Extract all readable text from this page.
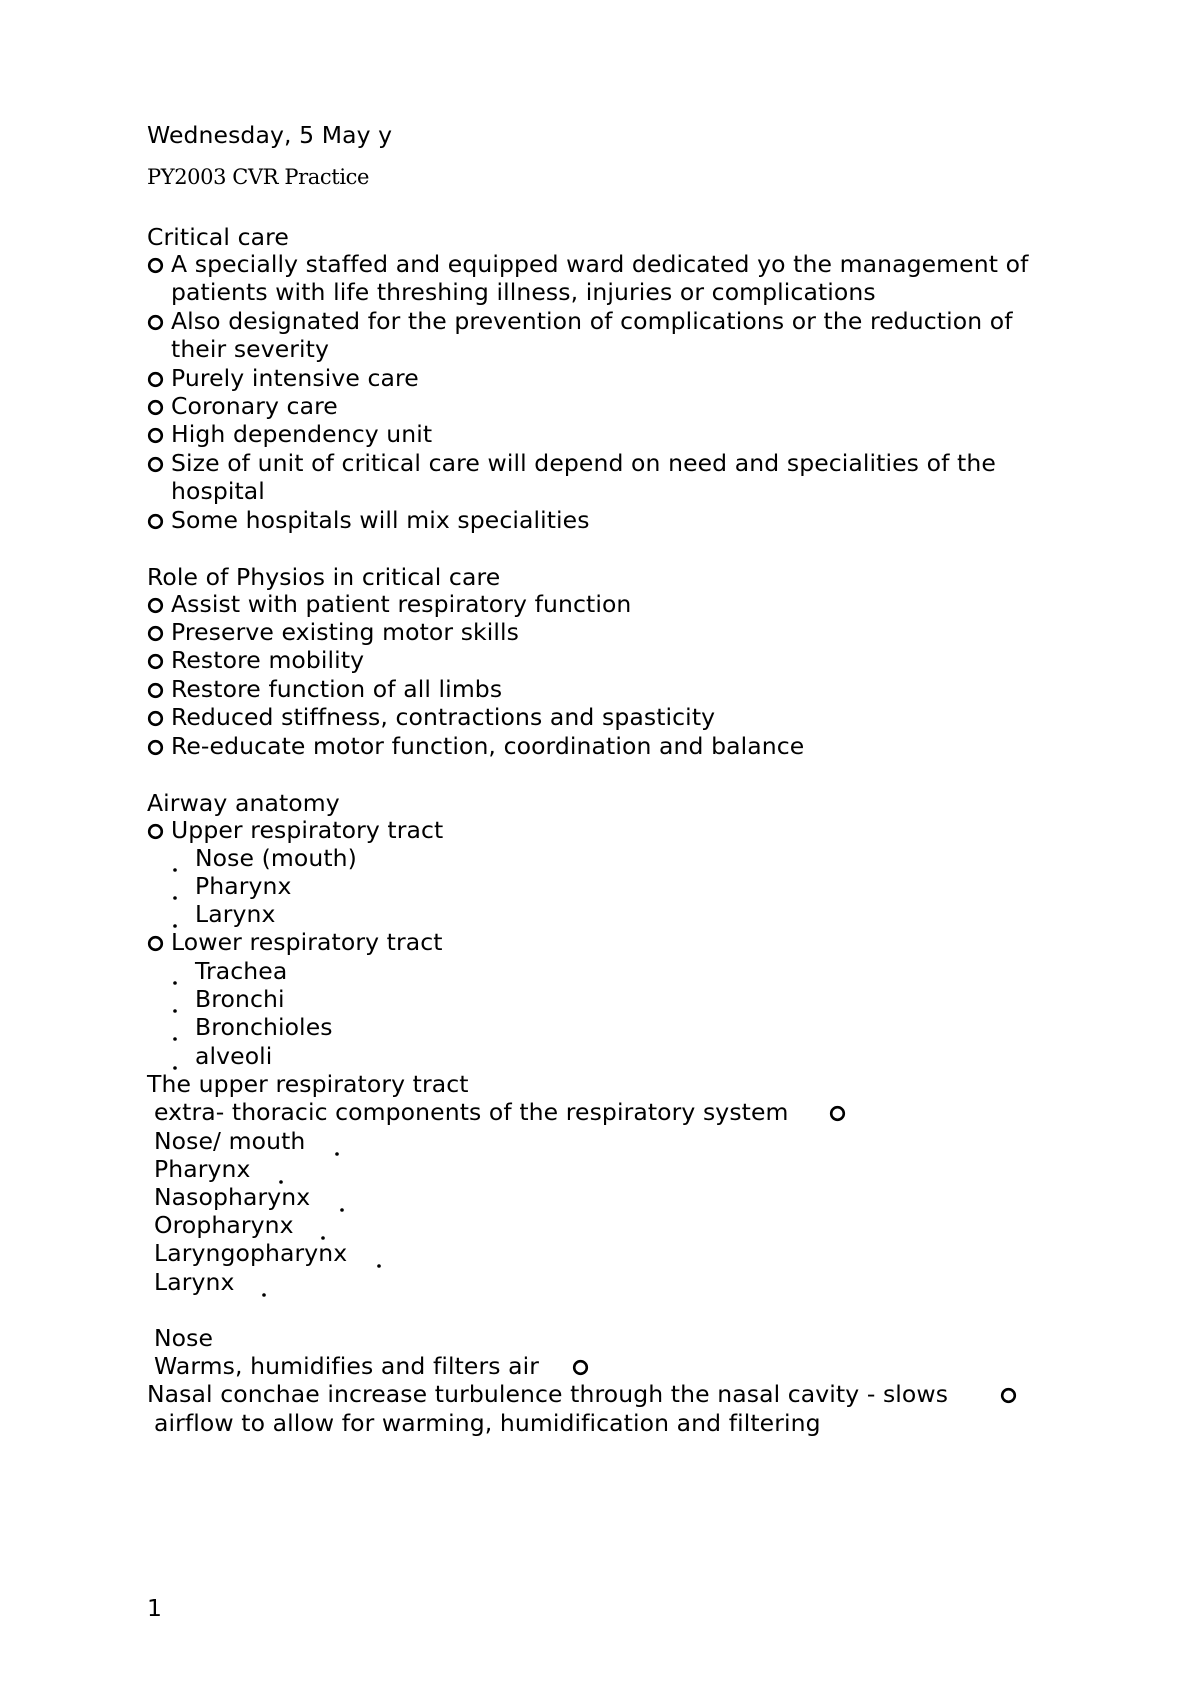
Wednesday, 5 May y
PY2003 CVR Practice
Critical care
A specially staffed and equipped ward dedicated yo the management of
patients with life threshing illness, injuries or complications
Also designated for the prevention of complications or the reduction of
their severity
Purely intensive care
Coronary care
High dependency unit
Size of unit of critical care will depend on need and specialities of the
hospital
Some hospitals will mix specialities
Role of Physios in critical care
Assist with patient respiratory function
Preserve existing motor skills
Restore mobility
Restore function of all limbs
Reduced stiffness, contractions and spasticity
Re-educate motor function, coordination and balance
Airway anatomy
Upper respiratory tract
Nose (mouth)
Pharynx
Larynx
Lower respiratory tract
Trachea
Bronchi
Bronchioles
alveoli
The upper respiratory tract
extra- thoracic components of the respiratory system
Nose/ mouth
Pharynx
Nasopharynx
Oropharynx
Laryngopharynx
Larynx
Nose
Warms, humidifies and filters air
Nasal conchae increase turbulence through the nasal cavity - slows
airflow to allow for warming, humidification and filtering
1
